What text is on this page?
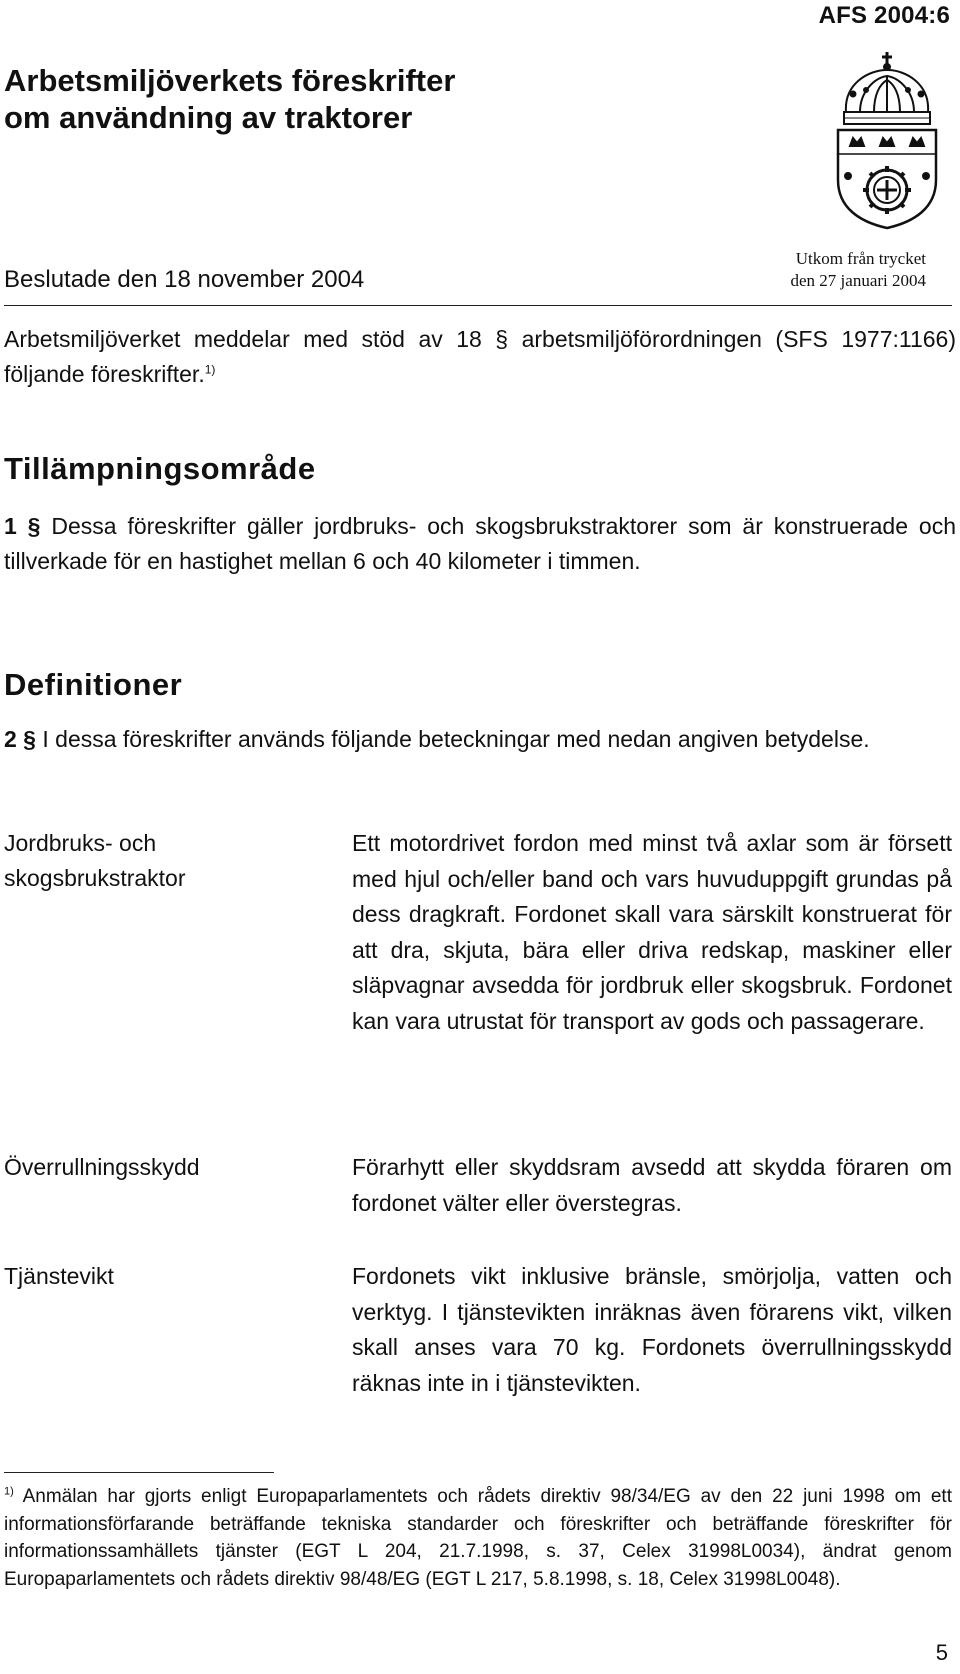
AFS 2004:6
Arbetsmiljöverkets föreskrifter
om användning av traktorer
Beslutade den 18 november 2004
Utkom från trycket
den 27 januari 2004
Arbetsmiljöverket meddelar med stöd av 18 § arbetsmiljöförordningen (SFS 1977:1166) följande föreskrifter.$^{1)}$
Tillämpningsområde
1 § Dessa föreskrifter gäller jordbruks- och skogsbrukstraktorer som är konstruerade och tillverkade för en hastighet mellan 6 och 40 kilometer i timmen.
Definitioner
2 § I dessa föreskrifter används följande beteckningar med nedan angiven betydelse.
Jordbruks- och
skogsbrukstraktor
Ett motordrivet fordon med minst två axlar som är försett med hjul och/eller band och vars huvuduppgift grundas på dess dragkraft. Fordonet skall vara särskilt konstruerat för att dra, skjuta, bära eller driva redskap, maskiner eller släpvagnar avsedda för jordbruk eller skogsbruk. Fordonet kan vara utrustat för transport av gods och passagerare.
Överrullningsskydd	Förarhytt eller skyddsram avsedd att skydda föraren om fordonet välter eller överstegras.
Tjänstevikt	Fordonets vikt inklusive bränsle, smörjolja, vatten och verktyg. I tjänstevikten inräknas även förarens vikt, vilken skall anses vara 70 kg. Fordonets överrullningsskydd räknas inte in i tjänstevikten.
$^{1)}$ Anmälan har gjorts enligt Europaparlamentets och rådets direktiv 98/34/EG av den 22 juni 1998 om ett informationsförfarande beträffande tekniska standarder och föreskrifter och beträffande föreskrifter för informationssamhällets tjänster (EGT L 204, 21.7.1998, s. 37, Celex 31998L0034), ändrat genom Europaparlamentets och rådets direktiv 98/48/EG (EGT L 217, 5.8.1998, s. 18, Celex 31998L0048).
5
